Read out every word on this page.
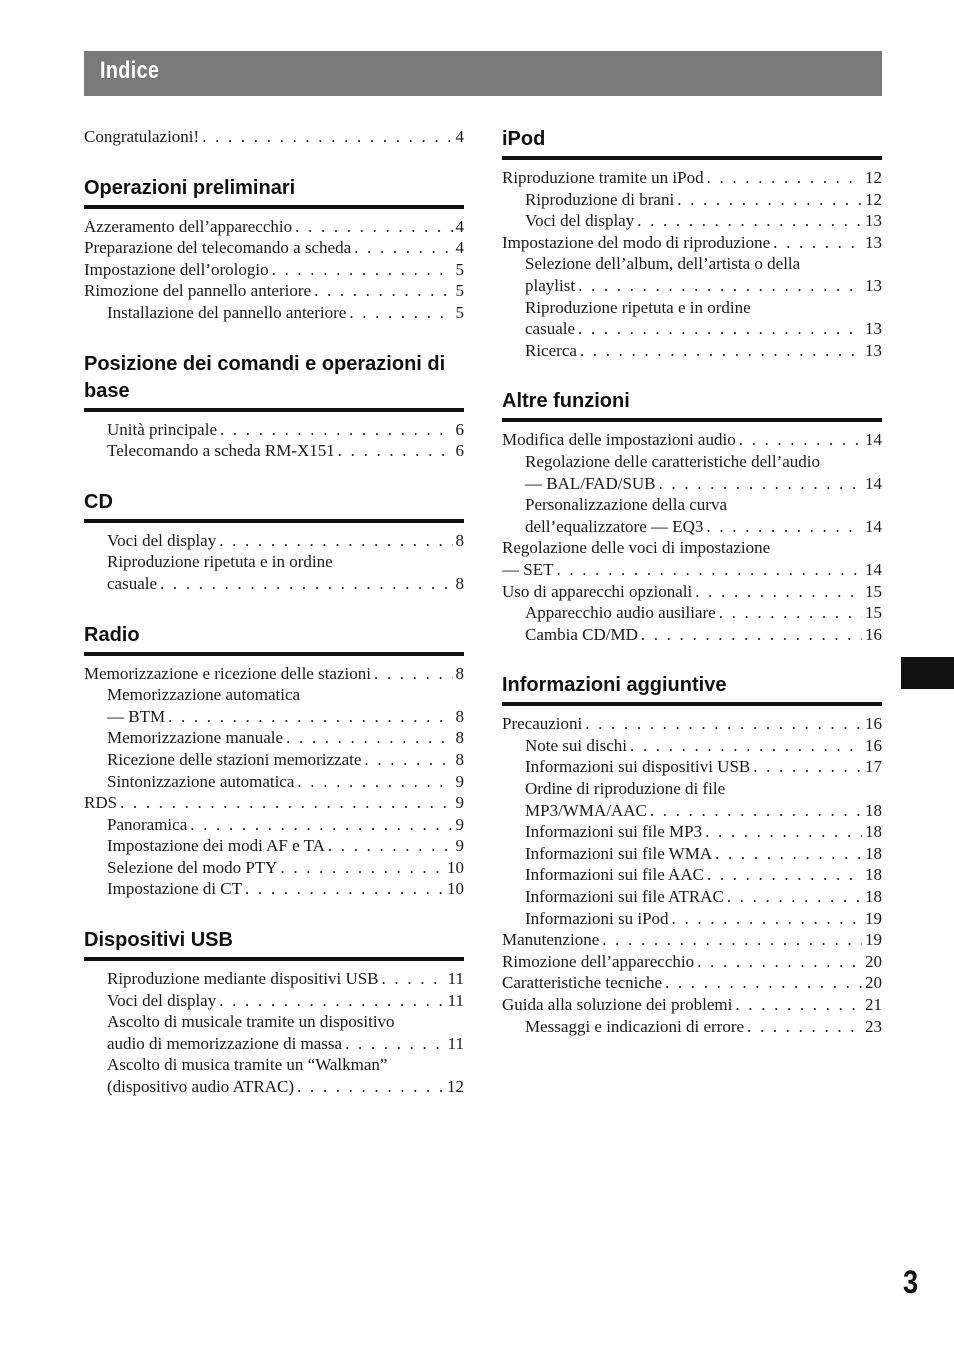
Indice
Congratulazioni! . . .	4
Operazioni preliminari
Azzeramento dell’apparecchio . . .	4
Preparazione del telecomando a scheda . . .	4
Impostazione dell’orologio . . .	5
Rimozione del pannello anteriore . . .	5
Installazione del pannello anteriore . . .	5
Posizione dei comandi e operazioni di base
Unità principale . . .	6
Telecomando a scheda RM-X151 . . .	6
CD
Voci del display . . .	8
Riproduzione ripetuta e in ordine
casuale . . .	8
Radio
Memorizzazione e ricezione delle stazioni . . .	8
Memorizzazione automatica
— BTM . . .	8
Memorizzazione manuale . . .	8
Ricezione delle stazioni memorizzate . . .	8
Sintonizzazione automatica . . .	9
RDS . . .	9
Panoramica . . .	9
Impostazione dei modi AF e TA . . .	9
Selezione del modo PTY . . .	10
Impostazione di CT . . .	10
Dispositivi USB
Riproduzione mediante dispositivi USB . . .	11
Voci del display . . .	11
Ascolto di musicale tramite un dispositivo
audio di memorizzazione di massa . . .	11
Ascolto di musica tramite un “Walkman”
(dispositivo audio ATRAC) . . .	12
iPod
Riproduzione tramite un iPod . . .	12
Riproduzione di brani . . .	12
Voci del display . . .	13
Impostazione del modo di riproduzione . . .	13
Selezione dell’album, dell’artista o della
playlist . . .	13
Riproduzione ripetuta e in ordine
casuale . . .	13
Ricerca . . .	13
Altre funzioni
Modifica delle impostazioni audio . . .	14
Regolazione delle caratteristiche dell’audio
— BAL/FAD/SUB . . .	14
Personalizzazione della curva
dell’equalizzatore — EQ3 . . .	14
Regolazione delle voci di impostazione
— SET . . .	14
Uso di apparecchi opzionali . . .	15
Apparecchio audio ausiliare . . .	15
Cambia CD/MD . . .	16
Informazioni aggiuntive
Precauzioni . . .	16
Note sui dischi . . .	16
Informazioni sui dispositivi USB . . .	17
Ordine di riproduzione di file
MP3/WMA/AAC . . .	18
Informazioni sui file MP3 . . .	18
Informazioni sui file WMA . . .	18
Informazioni sui file AAC . . .	18
Informazioni sui file ATRAC . . .	18
Informazioni su iPod . . .	19
Manutenzione . . .	19
Rimozione dell’apparecchio . . .	20
Caratteristiche tecniche . . .	20
Guida alla soluzione dei problemi . . .	21
Messaggi e indicazioni di errore . . .	23
3
